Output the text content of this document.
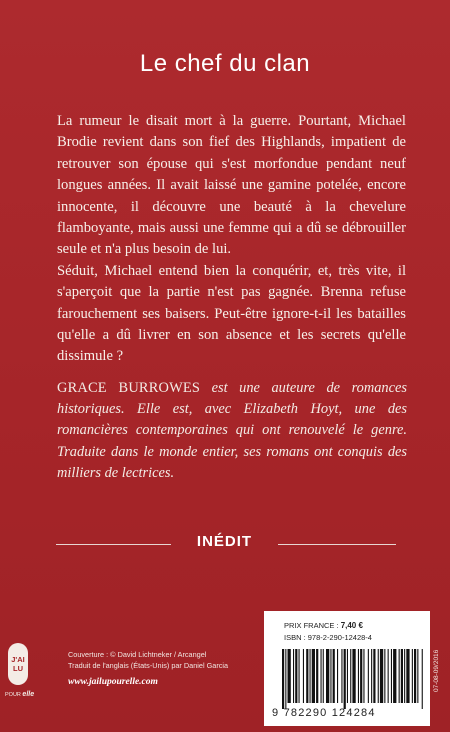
Le chef du clan

La rumeur le disait mort à la guerre. Pourtant, Michael Brodie revient dans son fief des Highlands, impatient de retrouver son épouse qui s'est morfondue pendant neuf longues années. Il avait laissé une gamine potelée, encore innocente, il découvre une beauté à la chevelure flamboyante, mais aussi une femme qui a dû se débrouiller seule et n'a plus besoin de lui.

Séduit, Michael entend bien la conquérir, et, très vite, il s'aperçoit que la partie n'est pas gagnée. Brenna refuse farouchement ses baisers. Peut-être ignore-t-il les batailles qu'elle a dû livrer en son absence et les secrets qu'elle dissimule ?

GRACE BURROWES est une auteure de romances historiques. Elle est, avec Elizabeth Hoyt, une des romancières contemporaines qui ont renouvelé le genre. Traduite dans le monde entier, ses romans ont conquis des milliers de lectrices.

INÉDIT
J'AI
LU
POUR elle
Couverture : © David Lichtneker / Arcangel
Traduit de l'anglais (États-Unis) par Daniel Garcia
www.jailupourelle.com
PRIX FRANCE : 7,40 €
ISBN : 978-2-290-12428-4
9 782290 124284
07-08-09/2016
